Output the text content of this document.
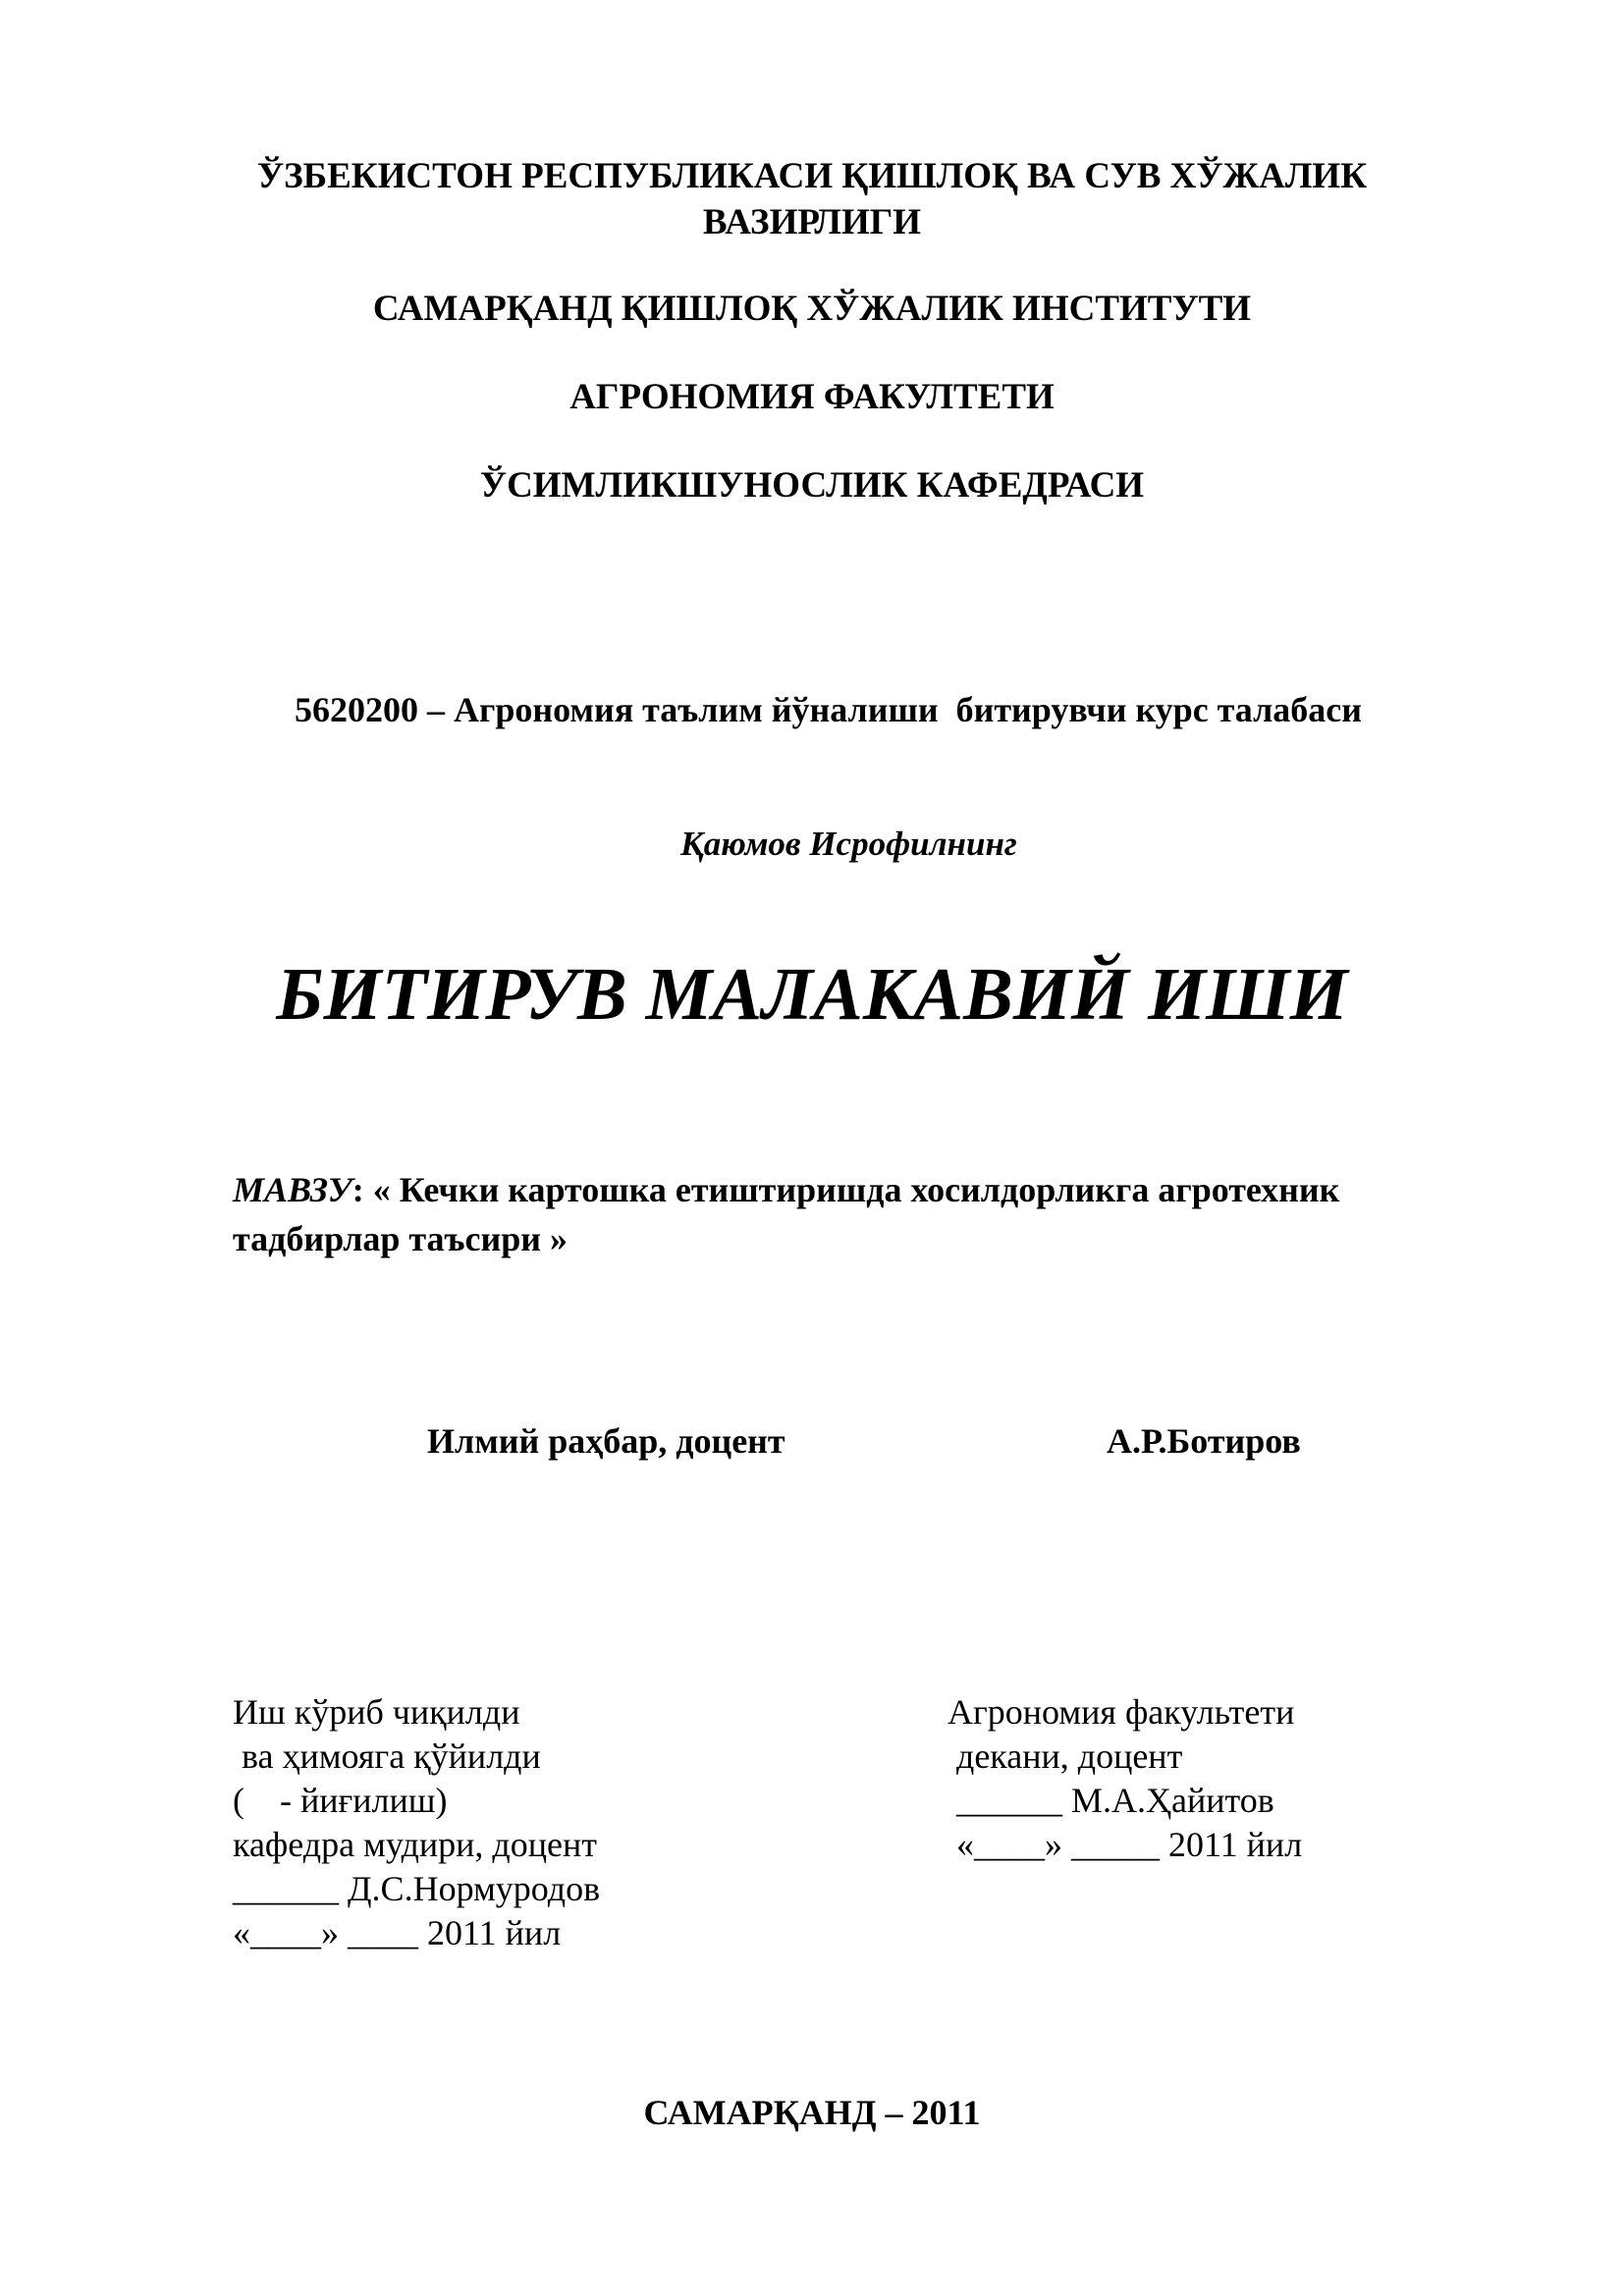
ЎЗБЕКИСТОН РЕСПУБЛИКАСИ ҚИШЛОҚ ВА СУВ ХЎЖАЛИК
ВАЗИРЛИГИ
САМАРҚАНД ҚИШЛОҚ ХЎЖАЛИК ИНСТИТУТИ
АГРОНОМИЯ ФАКУЛТЕТИ
ЎСИМЛИКШУНОСЛИК КАФЕДРАСИ
5620200 – Агрономия таълим йўналиши  битирувчи курс талабаси
Қаюмов Исрофилнинг
БИТИРУВ МАЛАКАВИЙ ИШИ
МАВЗУ: « Кечки картошка етиштиришда хосилдорликга агротехник
тадбирлар таъсири »
Илмий раҳбар, доцент	А.Р.Ботиров
Иш кўриб чиқилди
ва ҳимояга қўйилди
(    - йиғилиш)
кафедра мудири, доцент
______ Д.С.Нормуродов
«____» ____ 2011 йил
Агрономия факультети
декани, доцент
______ М.А.Ҳайитов
«____» _____ 2011 йил
САМАРҚАНД – 2011
